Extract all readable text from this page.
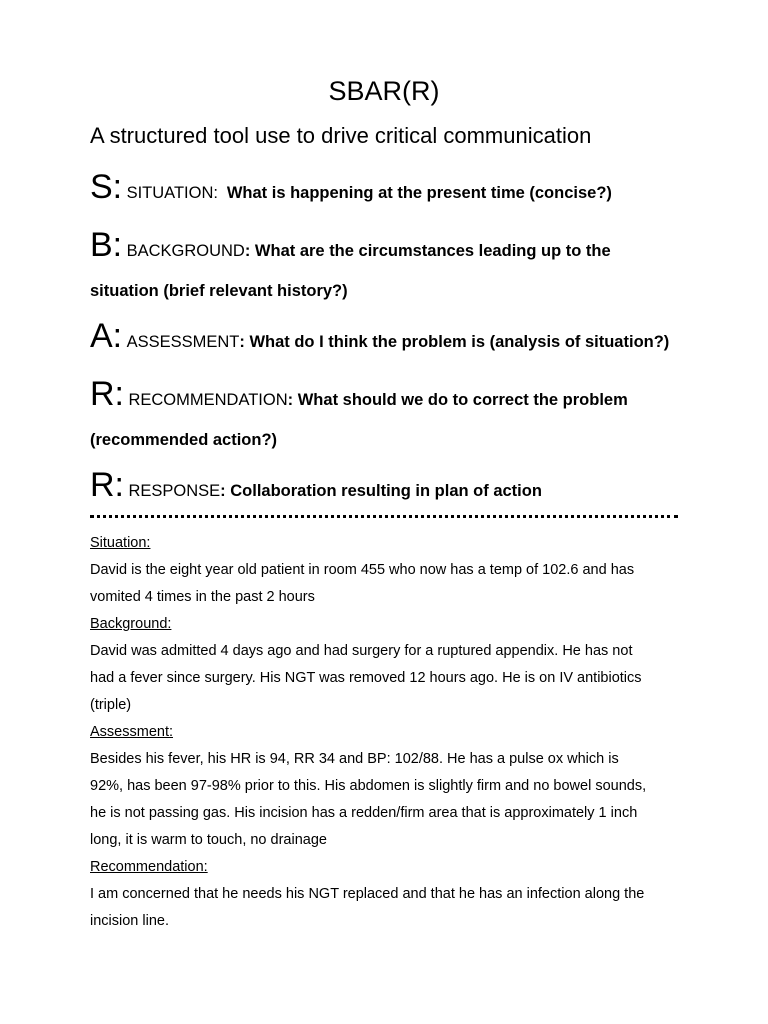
SBAR(R)

A structured tool use to drive critical communication

S: SITUATION: What is happening at the present time (concise?)

B: BACKGROUND: What are the circumstances leading up to the
situation (brief relevant history?)

A: ASSESSMENT: What do I think the problem is (analysis of situation?)

R: RECOMMENDATION: What should we do to correct the problem
(recommended action?)

R: RESPONSE: Collaboration resulting in plan of action

Situation:

David is the eight year old patient in room 455 who now has a temp of 102.6 and has
vomited 4 times in the past 2 hours

Background:

David was admitted 4 days ago and had surgery for a ruptured appendix. He has not
had a fever since surgery. His NGT was removed 12 hours ago. He is on IV antibiotics
(triple)

Assessment:

Besides his fever, his HR is 94, RR 34 and BP: 102/88. He has a pulse ox which is
92%, has been 97-98% prior to this. His abdomen is slightly firm and no bowel sounds,
he is not passing gas. His incision has a redden/firm area that is approximately 1 inch
long, it is warm to touch, no drainage

Recommendation:

I am concerned that he needs his NGT replaced and that he has an infection along the
incision line.
